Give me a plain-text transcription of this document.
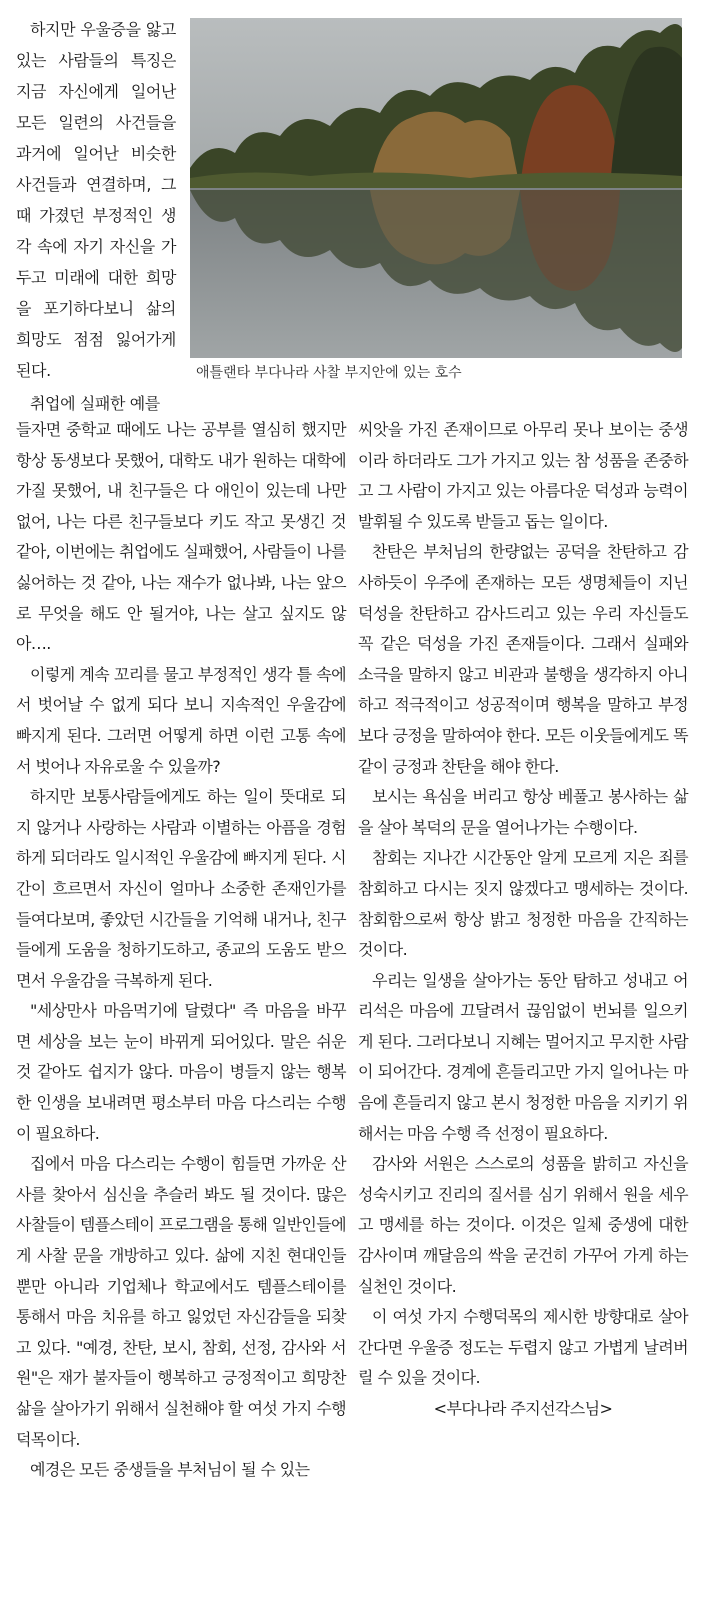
하지만 우울증을 앓고 있는 사람들의 특징은 지금 자신에게 일어난 모든 일련의 사건들을 과거에 일어난 비슷한 사건들과 연결하며, 그때 가졌던 부정적인 생각 속에 자기 자신을 가두고 미래에 대한 희망을 포기하다보니 삶의 희망도 점점 잃어가게 된다.	애틀랜타 부다나라 사찰 부지안에 있는 호수
취업에 실패한 예를

들자면 중학교 때에도 나는 공부를 열심히 했지만 항상 동생보다 못했어, 대학도 내가 원하는 대학에 가질 못했어, 내 친구들은 다 애인이 있는데 나만 없어, 나는 다른 친구들보다 키도 작고 못생긴 것 같아, 이번에는 취업에도 실패했어, 사람들이 나를 싫어하는 것 같아, 나는 재수가 없나봐, 나는 앞으로 무엇을 해도 안 될거야, 나는 살고 싶지도 않아….

이렇게 계속 꼬리를 물고 부정적인 생각 틀 속에서 벗어날 수 없게 되다 보니 지속적인 우울감에 빠지게 된다. 그러면 어떻게 하면 이런 고통 속에서 벗어나 자유로울 수 있을까?

하지만 보통사람들에게도 하는 일이 뜻대로 되지 않거나 사랑하는 사람과 이별하는 아픔을 경험하게 되더라도 일시적인 우울감에 빠지게 된다. 시간이 흐르면서 자신이 얼마나 소중한 존재인가를 들여다보며, 좋았던 시간들을 기억해 내거나, 친구들에게 도움을 청하기도하고, 종교의 도움도 받으면서 우울감을 극복하게 된다.

"세상만사 마음먹기에 달렸다" 즉 마음을 바꾸면 세상을 보는 눈이 바뀌게 되어있다. 말은 쉬운 것 같아도 쉽지가 않다. 마음이 병들지 않는 행복한 인생을 보내려면 평소부터 마음 다스리는 수행이 필요하다.

집에서 마음 다스리는 수행이 힘들면 가까운 산사를 찾아서 심신을 추슬러 봐도 될 것이다. 많은 사찰들이 템플스테이 프로그램을 통해 일반인들에게 사찰 문을 개방하고 있다. 삶에 지친 현대인들뿐만 아니라 기업체나 학교에서도 템플스테이를 통해서 마음 치유를 하고 잃었던 자신감들을 되찾고 있다. "예경, 찬탄, 보시, 참회, 선정, 감사와 서원"은 재가 불자들이 행복하고 긍정적이고 희망찬 삶을 살아가기 위해서 실천해야 할 여섯 가지 수행덕목이다.

예경은 모든 중생들을 부처님이 될 수 있는

씨앗을 가진 존재이므로 아무리 못나 보이는 중생이라 하더라도 그가 가지고 있는 참 성품을 존중하고 그 사람이 가지고 있는 아름다운 덕성과 능력이 발휘될 수 있도록 받들고 돕는 일이다.

찬탄은 부처님의 한량없는 공덕을 찬탄하고 감사하듯이 우주에 존재하는 모든 생명체들이 지닌 덕성을 찬탄하고 감사드리고 있는 우리 자신들도 꼭 같은 덕성을 가진 존재들이다. 그래서 실패와 소극을 말하지 않고 비관과 불행을 생각하지 아니하고 적극적이고 성공적이며 행복을 말하고 부정보다 긍정을 말하여야 한다. 모든 이웃들에게도 똑같이 긍정과 찬탄을 해야 한다.

보시는 욕심을 버리고 항상 베풀고 봉사하는 삶을 살아 복덕의 문을 열어나가는 수행이다.

참회는 지나간 시간동안 알게 모르게 지은 죄를 참회하고 다시는 짓지 않겠다고 맹세하는 것이다. 참회함으로써 항상 밝고 청정한 마음을 간직하는 것이다.

우리는 일생을 살아가는 동안 탐하고 성내고 어리석은 마음에 끄달려서 끊임없이 번뇌를 일으키게 된다. 그러다보니 지혜는 멀어지고 무지한 사람이 되어간다. 경계에 흔들리고만 가지 일어나는 마음에 흔들리지 않고 본시 청정한 마음을 지키기 위해서는 마음 수행 즉 선정이 필요하다.

감사와 서원은 스스로의 성품을 밝히고 자신을 성숙시키고 진리의 질서를 심기 위해서 원을 세우고 맹세를 하는 것이다. 이것은 일체 중생에 대한 감사이며 깨달음의 싹을 굳건히 가꾸어 가게 하는 실천인 것이다.

이 여섯 가지 수행덕목의 제시한 방향대로 살아간다면 우울증 정도는 두렵지 않고 가볍게 날려버릴 수 있을 것이다.

<부다나라 주지선각스님>
